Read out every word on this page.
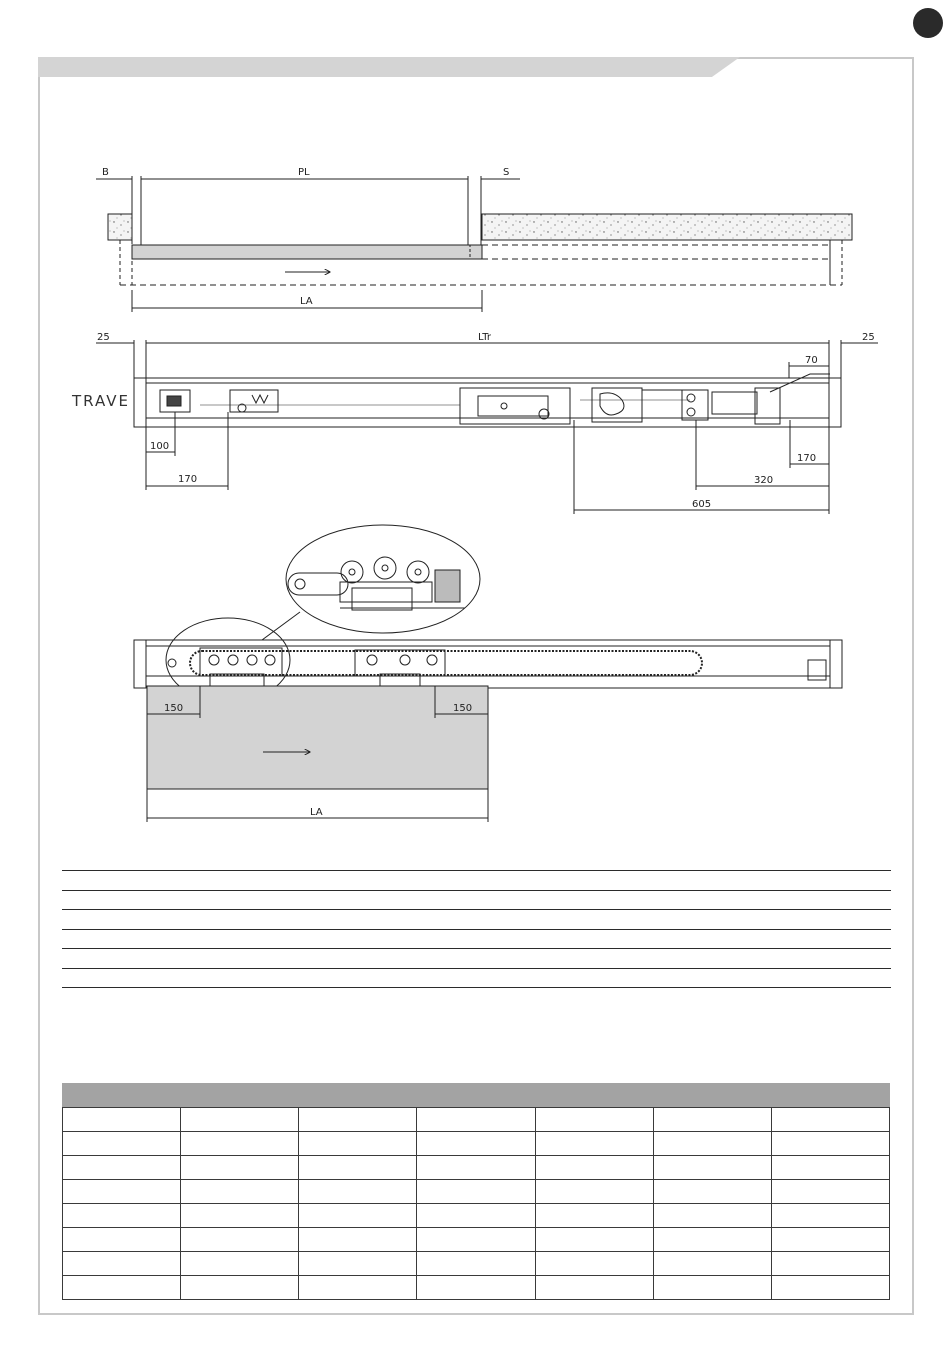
B	PL	S
LA
TRAVE
25	LTr	25
70
100
170
170
320
605
150	150
LA
